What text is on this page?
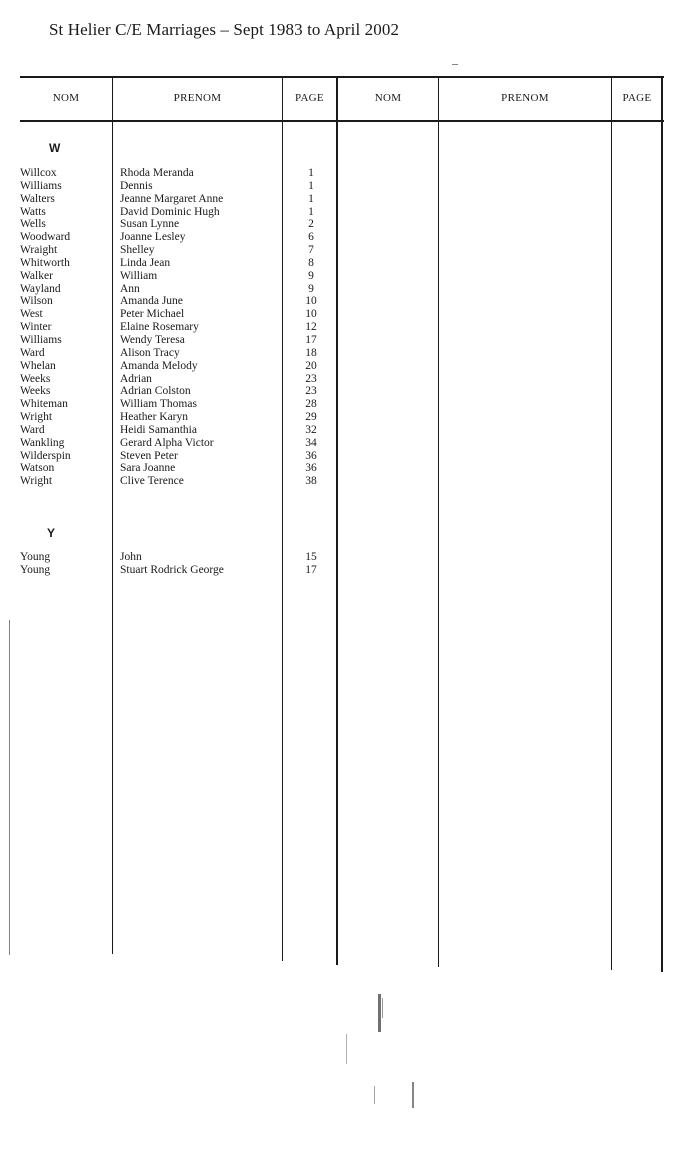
St Helier C/E Marriages – Sept 1983 to April 2002
NOM	PRENOM	PAGE	NOM	PRENOM	PAGE
W
Willcox	Rhoda Meranda	1
Williams	Dennis	1
Walters	Jeanne Margaret Anne	1
Watts	David Dominic Hugh	1
Wells	Susan Lynne	2
Woodward	Joanne Lesley	6
Wraight	Shelley	7
Whitworth	Linda Jean	8
Walker	William	9
Wayland	Ann	9
Wilson	Amanda June	10
West	Peter Michael	10
Winter	Elaine Rosemary	12
Williams	Wendy Teresa	17
Ward	Alison Tracy	18
Whelan	Amanda Melody	20
Weeks	Adrian	23
Weeks	Adrian Colston	23
Whiteman	William Thomas	28
Wright	Heather Karyn	29
Ward	Heidi Samanthia	32
Wankling	Gerard Alpha Victor	34
Wilderspin	Steven Peter	36
Watson	Sara Joanne	36
Wright	Clive Terence	38
Y
Young	John	15
Young	Stuart Rodrick George	17
